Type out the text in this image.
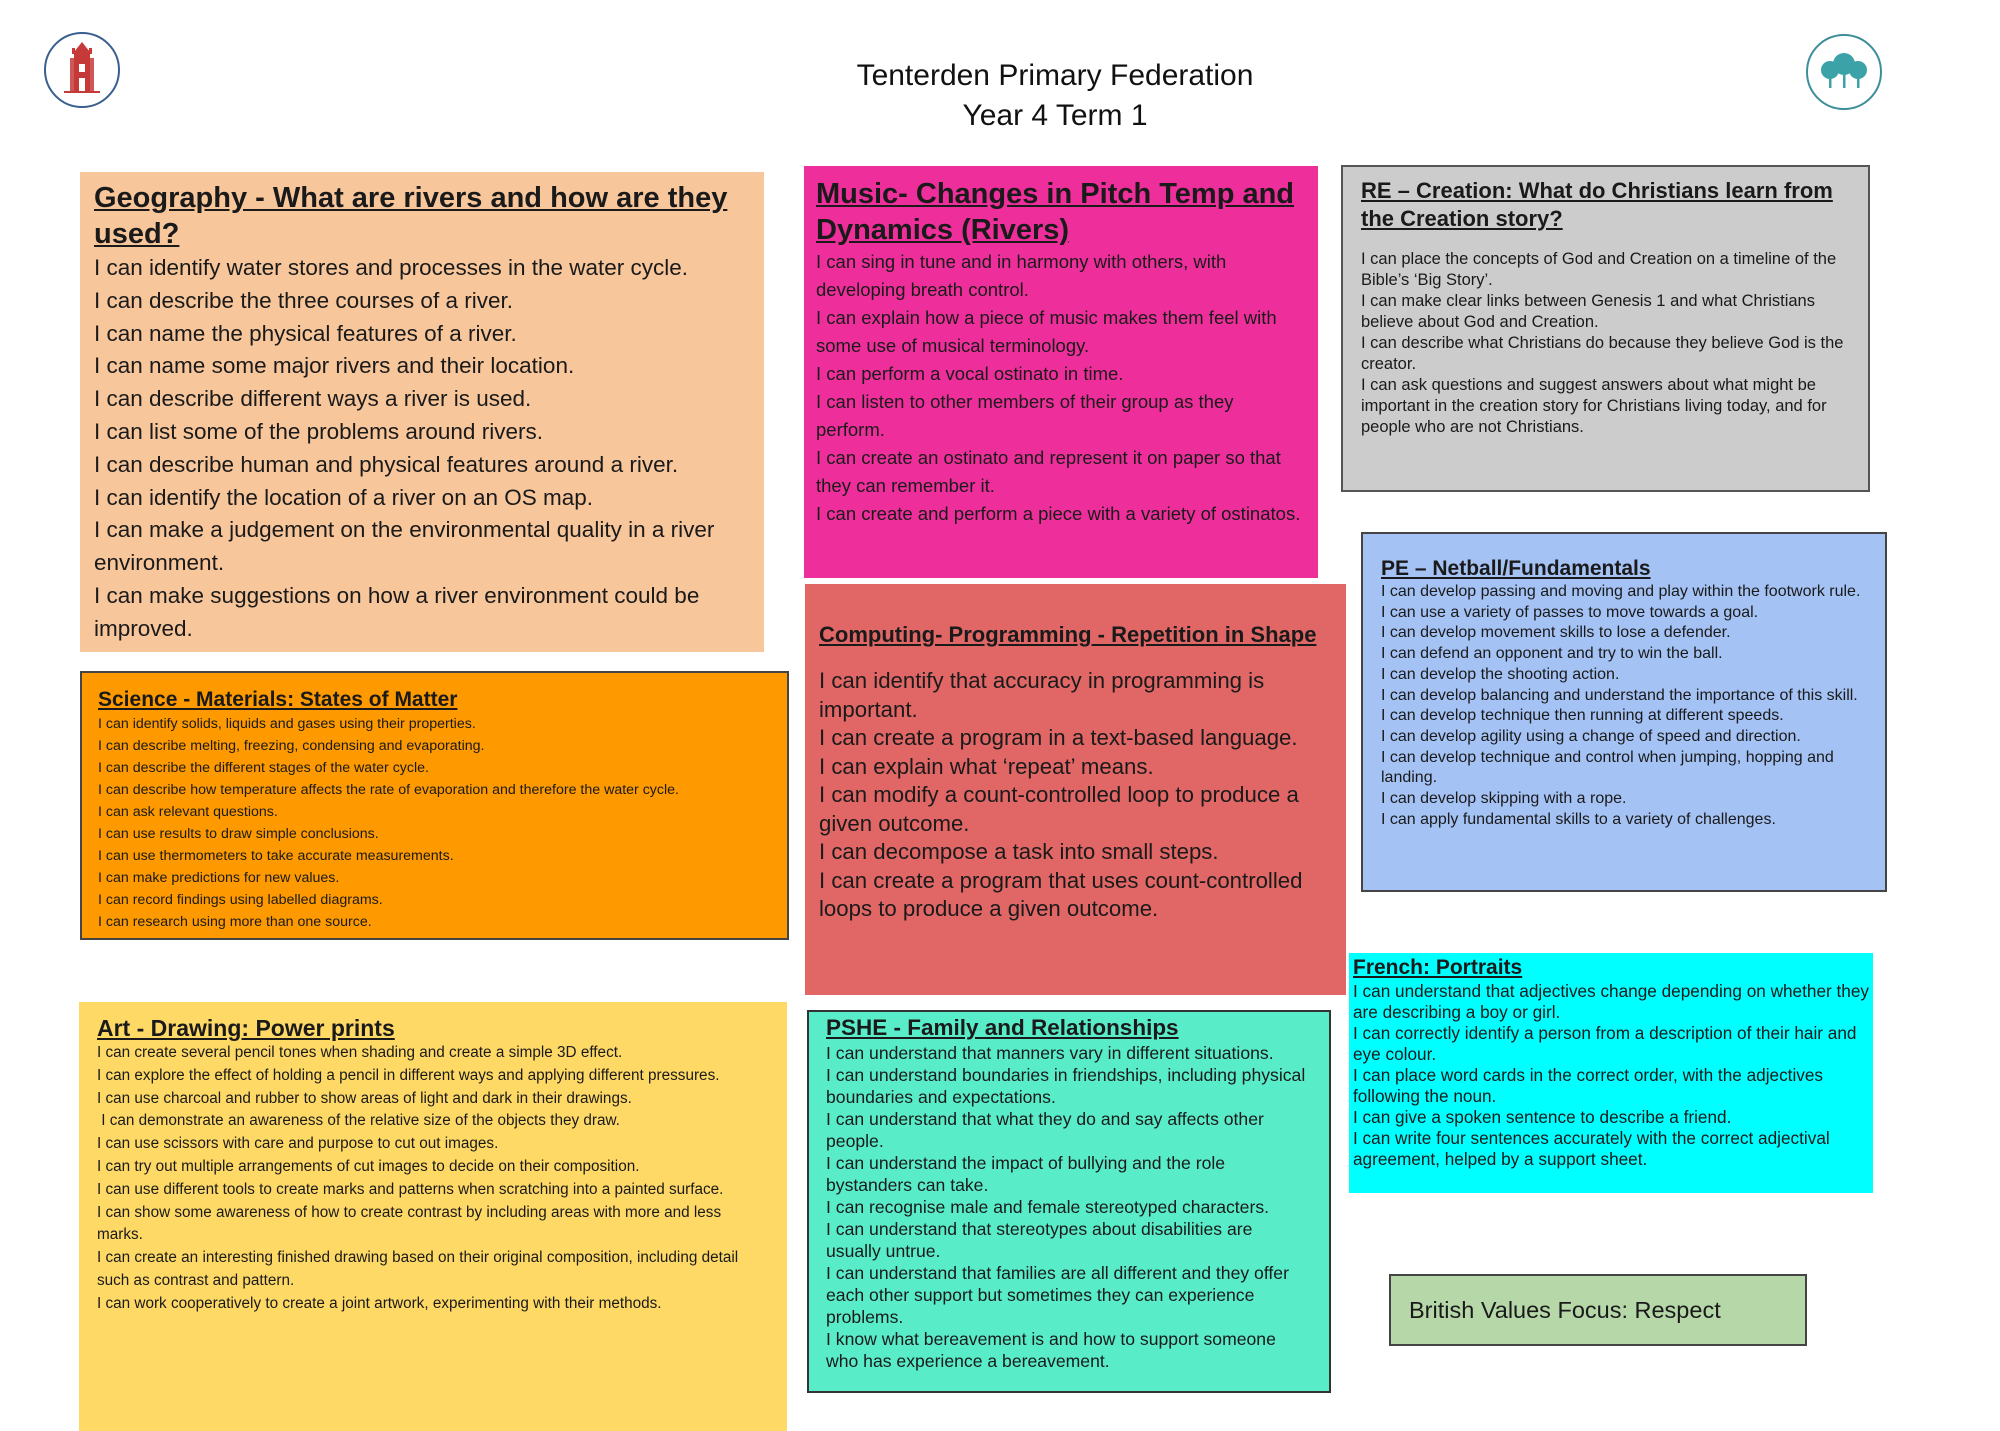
Tenterden Primary Federation
Year 4 Term 1

Geography - What are rivers and how are they used?

I can identify water stores and processes in the water cycle.
I can describe the three courses of a river.
I can name the physical features of a river.
I can name some major rivers and their location.
I can describe different ways a river is used.
I can list some of the problems around rivers.
I can describe human and physical features around a river.
I can identify the location of a river on an OS map.
I can make a judgement on the environmental quality in a river environment.
I can make suggestions on how a river environment could be improved.

Music- Changes in Pitch Temp and Dynamics (Rivers)

I can sing in tune and in harmony with others, with developing breath control.
I can explain how a piece of music makes them feel with some use of musical terminology.
I can perform a vocal ostinato in time.
I can listen to other members of their group as they perform.
I can create an ostinato and represent it on paper so that they can remember it.
I can create and perform a piece with a variety of ostinatos.

RE – Creation: What do Christians learn from the Creation story?

I can place the concepts of God and Creation on a timeline of the Bible’s ‘Big Story’.
I can make clear links between Genesis 1 and what Christians believe about God and Creation.
I can describe what Christians do because they believe God is the creator.
I can ask questions and suggest answers about what might be important in the creation story for Christians living today, and for people who are not Christians.

PE – Netball/Fundamentals

I can develop passing and moving and play within the footwork rule.
I can use a variety of passes to move towards a goal.
I can develop movement skills to lose a defender.
I can defend an opponent and try to win the ball.
I can develop the shooting action.
I can develop balancing and understand the importance of this skill.
I can develop technique then running at different speeds.
I can develop agility using a change of speed and direction.
I can develop technique and control when jumping, hopping and landing.
I can develop skipping with a rope.
I can apply fundamental skills to a variety of challenges.

Science - Materials: States of Matter

I can identify solids, liquids and gases using their properties.
I can describe melting, freezing, condensing and evaporating.
I can describe the different stages of the water cycle.
I can describe how temperature affects the rate of evaporation and therefore the water cycle.
I can ask relevant questions.
I can use results to draw simple conclusions.
I can use thermometers to take accurate measurements.
I can make predictions for new values.
I can record findings using labelled diagrams.
I can research using more than one source.

Computing- Programming - Repetition in Shape

I can identify that accuracy in programming is important.
I can create a program in a text-based language.
I can explain what ‘repeat’ means.
I can modify a count-controlled loop to produce a given outcome.
I can decompose a task into small steps.
I can create a program that uses count-controlled loops to produce a given outcome.

French: Portraits

I can understand that adjectives change depending on whether they are describing a boy or girl.
I can correctly identify a person from a description of their hair and eye colour.
I can place word cards in the correct order, with the adjectives following the noun.
I can give a spoken sentence to describe a friend.
I can write four sentences accurately with the correct adjectival agreement, helped by a support sheet.

Art - Drawing: Power prints

I can create several pencil tones when shading and create a simple 3D effect.
I can explore the effect of holding a pencil in different ways and applying different pressures.
I can use charcoal and rubber to show areas of light and dark in their drawings.
I can demonstrate an awareness of the relative size of the objects they draw.
I can use scissors with care and purpose to cut out images.
I can try out multiple arrangements of cut images to decide on their composition.
I can use different tools to create marks and patterns when scratching into a painted surface.
I can show some awareness of how to create contrast by including areas with more and less marks.
I can create an interesting finished drawing based on their original composition, including detail such as contrast and pattern.
I can work cooperatively to create a joint artwork, experimenting with their methods.

PSHE - Family and Relationships

I can understand that manners vary in different situations.
I can understand boundaries in friendships, including physical boundaries and expectations.
I can understand that what they do and say affects other people.
I can understand the impact of bullying and the role bystanders can take.
I can recognise male and female stereotyped characters.
I can understand that stereotypes about disabilities are usually untrue.
I can understand that families are all different and they offer each other support but sometimes they can experience problems.
I know what bereavement is and how to support someone who has experience a bereavement.
British Values Focus: Respect
